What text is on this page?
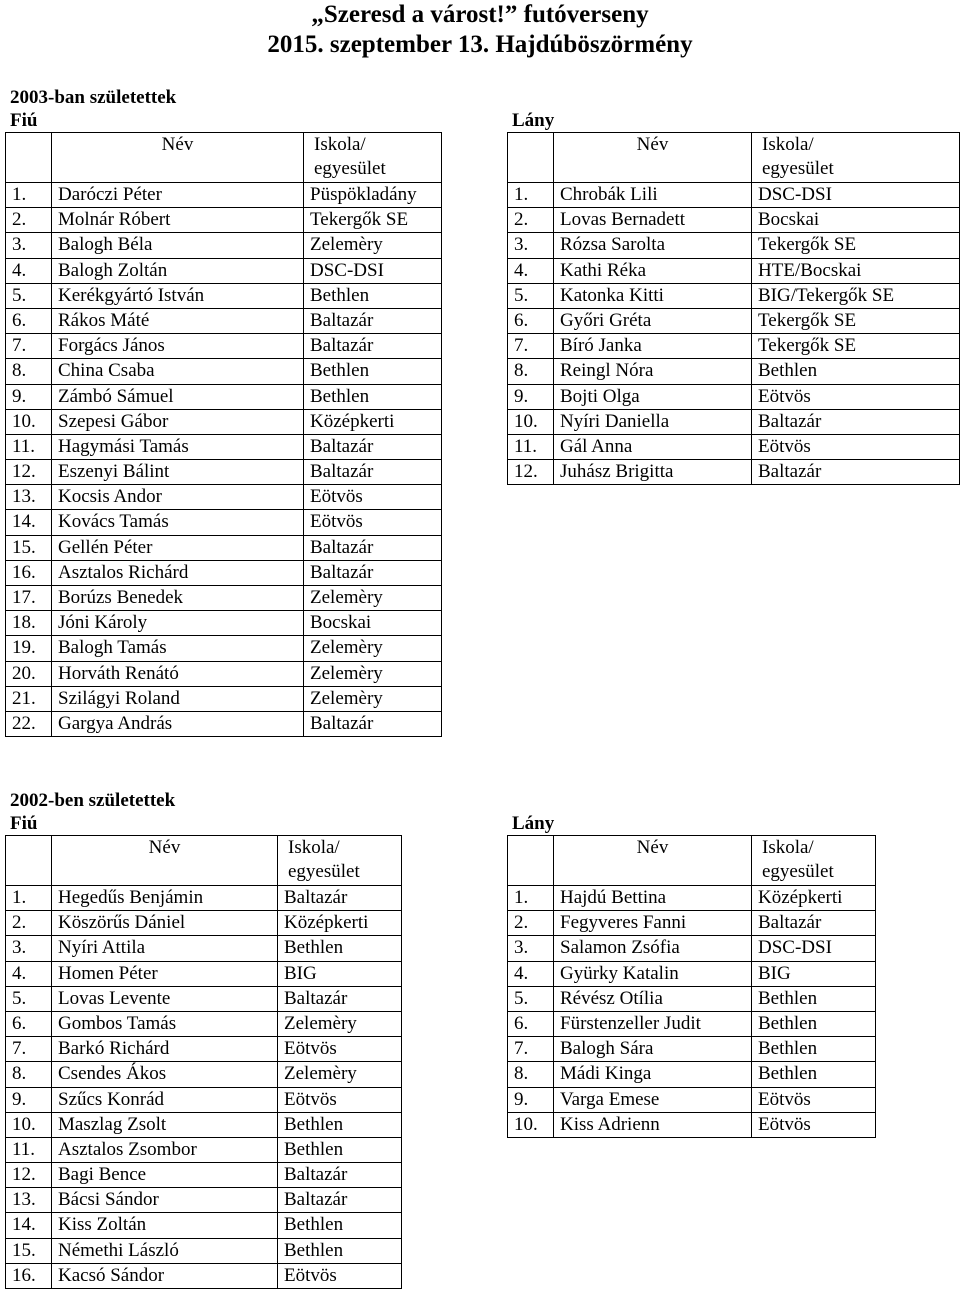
„Szeresd a várost!” futóverseny
2015. szeptember 13. Hajdúböszörmény
2003-ban születettek
Fiú	Lány
	Név	Iskola/
egyesület
1.	Daróczi Péter	Püspökladány
2.	Molnár Róbert	Tekergők SE
3.	Balogh Béla	Zelemèry
4.	Balogh Zoltán	DSC-DSI
5.	Kerékgyártó István	Bethlen
6.	Rákos Máté	Baltazár
7.	Forgács János	Baltazár
8.	China Csaba	Bethlen
9.	Zámbó Sámuel	Bethlen
10.	Szepesi Gábor	Középkerti
11.	Hagymási Tamás	Baltazár
12.	Eszenyi Bálint	Baltazár
13.	Kocsis Andor	Eötvös
14.	Kovács Tamás	Eötvös
15.	Gellén Péter	Baltazár
16.	Asztalos Richárd	Baltazár
17.	Borúzs Benedek	Zelemèry
18.	Jóni Károly	Bocskai
19.	Balogh Tamás	Zelemèry
20.	Horváth Renátó	Zelemèry
21.	Szilágyi Roland	Zelemèry
22.	Gargya András	Baltazár
	Név	Iskola/
egyesület
1.	Chrobák Lili	DSC-DSI
2.	Lovas Bernadett	Bocskai
3.	Rózsa Sarolta	Tekergők SE
4.	Kathi Réka	HTE/Bocskai
5.	Katonka Kitti	BIG/Tekergők SE
6.	Győri Gréta	Tekergők SE
7.	Bíró Janka	Tekergők SE
8.	Reingl Nóra	Bethlen
9.	Bojti Olga	Eötvös
10.	Nyíri Daniella	Baltazár
11.	Gál Anna	Eötvös
12.	Juhász Brigitta	Baltazár
2002-ben születettek
Fiú	Lány
	Név	Iskola/
egyesület
1.	Hegedűs Benjámin	Baltazár
2.	Köszörűs Dániel	Középkerti
3.	Nyíri Attila	Bethlen
4.	Homen Péter	BIG
5.	Lovas Levente	Baltazár
6.	Gombos Tamás	Zelemèry
7.	Barkó Richárd	Eötvös
8.	Csendes Ákos	Zelemèry
9.	Szűcs Konrád	Eötvös
10.	Maszlag Zsolt	Bethlen
11.	Asztalos Zsombor	Bethlen
12.	Bagi Bence	Baltazár
13.	Bácsi Sándor	Baltazár
14.	Kiss Zoltán	Bethlen
15.	Némethi László	Bethlen
16.	Kacsó Sándor	Eötvös
	Név	Iskola/
egyesület
1.	Hajdú Bettina	Középkerti
2.	Fegyveres Fanni	Baltazár
3.	Salamon Zsófia	DSC-DSI
4.	Gyürky Katalin	BIG
5.	Révész Otília	Bethlen
6.	Fürstenzeller Judit	Bethlen
7.	Balogh Sára	Bethlen
8.	Mádi Kinga	Bethlen
9.	Varga Emese	Eötvös
10.	Kiss Adrienn	Eötvös
